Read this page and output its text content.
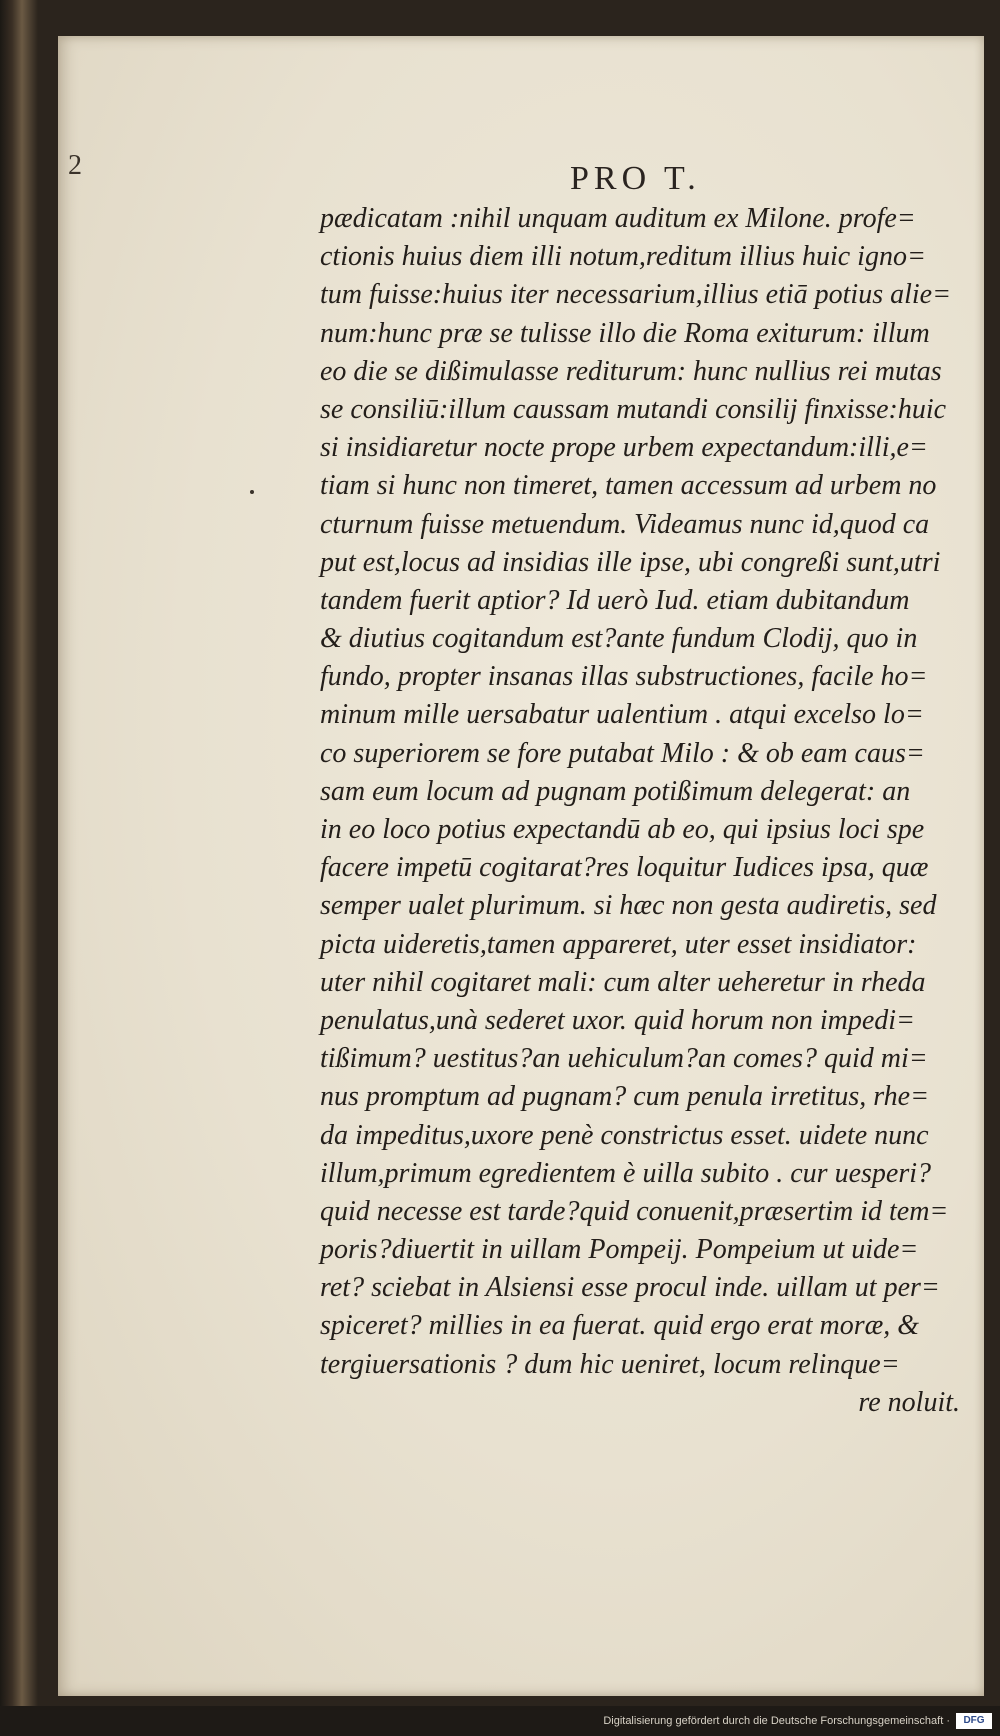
2	PRO T.
pædicatam :nihil unquam auditum ex Milone. profe=
ctionis huius diem illi notum,reditum illius huic igno=
tum fuisse:huius iter necessarium,illius etiā potius alie=
num:hunc præ se tulisse illo die Roma exiturum: illum
eo die se dißimulasse rediturum: hunc nullius rei mutas
se consiliū:illum caussam mutandi consilij finxisse:huic
si insidiaretur nocte prope urbem expectandum:illi,e=
tiam si hunc non timeret, tamen accessum ad urbem no
cturnum fuisse metuendum. Videamus nunc id,quod ca
put est,locus ad insidias ille ipse, ubi congreßi sunt,utri
tandem fuerit aptior? Id uerò Iud. etiam dubitandum
& diutius cogitandum est?ante fundum Clodij, quo in
fundo, propter insanas illas substructiones, facile ho=
minum mille uersabatur ualentium . atqui excelso lo=
co superiorem se fore putabat Milo : & ob eam caus=
sam eum locum ad pugnam potißimum delegerat: an
in eo loco potius expectandū ab eo, qui ipsius loci spe
facere impetū cogitarat?res loquitur Iudices ipsa, quæ
semper ualet plurimum. si hæc non gesta audiretis, sed
picta uideretis,tamen appareret, uter esset insidiator:
uter nihil cogitaret mali: cum alter ueheretur in rheda
penulatus,unà sederet uxor. quid horum non impedi=
tißimum? uestitus?an uehiculum?an comes? quid mi=
nus promptum ad pugnam? cum penula irretitus, rhe=
da impeditus,uxore penè constrictus esset. uidete nunc
illum,primum egredientem è uilla subito . cur uesperi?
quid necesse est tarde?quid conuenit,præsertim id tem=
poris?diuertit in uillam Pompeij. Pompeium ut uide=
ret? sciebat in Alsiensi esse procul inde. uillam ut per=
spiceret? millies in ea fuerat. quid ergo erat moræ, &
tergiuersationis ? dum hic ueniret, locum relinque=
re noluit.
Digitalisierung gefördert durch die Deutsche Forschungsgemeinschaft ·	DFG
